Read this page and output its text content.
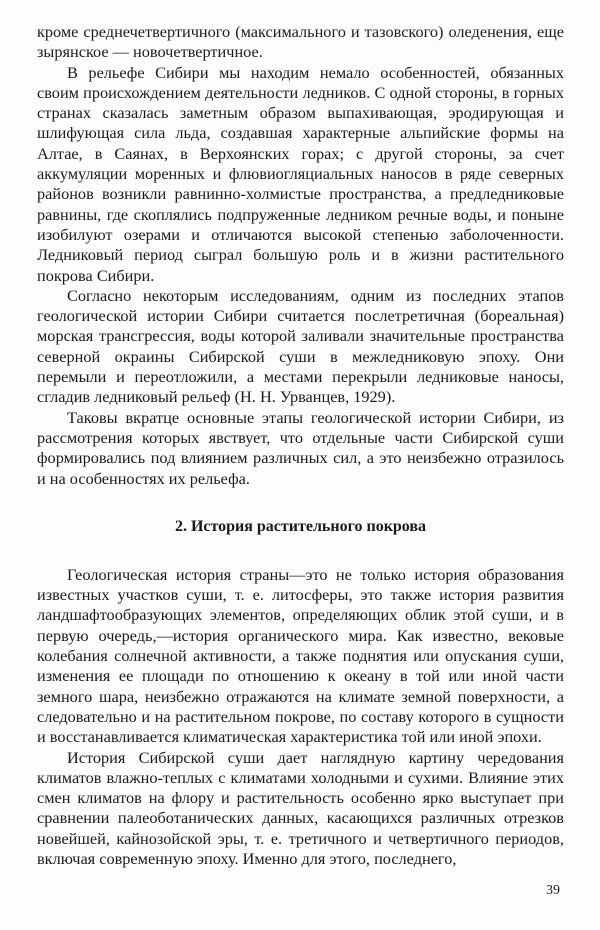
кроме среднечетвертичного (максимального и тазовского) оледенения, еще зырянское — новочетвертичное.

В рельефе Сибири мы находим немало особенностей, обязанных своим происхождением деятельности ледников. С одной стороны, в горных странах сказалась заметным образом выпахивающая, эродирующая и шлифующая сила льда, создавшая характерные альпийские формы на Алтае, в Саянах, в Верхоянских горах; с другой стороны, за счет аккумуляции моренных и флювиогляциальных наносов в ряде северных районов возникли равнинно-холмистые пространства, а предледниковые равнины, где скоплялись подпруженные ледником речные воды, и поныне изобилуют озерами и отличаются высокой степенью заболоченности. Ледниковый период сыграл большую роль и в жизни растительного покрова Сибири.

Согласно некоторым исследованиям, одним из последних этапов геологической истории Сибири считается послетретичная (бореальная) морская трансгрессия, воды которой заливали значительные пространства северной окраины Сибирской суши в межледниковую эпоху. Они перемыли и переотложили, а местами перекрыли ледниковые наносы, сгладив ледниковый рельеф (Н. Н. Урванцев, 1929).

Таковы вкратце основные этапы геологической истории Сибири, из рассмотрения которых явствует, что отдельные части Сибирской суши формировались под влиянием различных сил, а это неизбежно отразилось и на особенностях их рельефа.

2. История растительного покрова

Геологическая история страны—это не только история образования известных участков суши, т. е. литосферы, это также история развития ландшафтообразующих элементов, определяющих облик этой суши, и в первую очередь,—история органического мира. Как известно, вековые колебания солнечной активности, а также поднятия или опускания суши, изменения ее площади по отношению к океану в той или иной части земного шара, неизбежно отражаются на климате земной поверхности, а следовательно и на растительном покрове, по составу которого в сущности и восстанавливается климатическая характеристика той или иной эпохи.

История Сибирской суши дает наглядную картину чередования климатов влажно-теплых с климатами холодными и сухими. Влияние этих смен климатов на флору и растительность особенно ярко выступает при сравнении палеоботанических данных, касающихся различных отрезков новейшей, кайнозойской эры, т. е. третичного и четвертичного периодов, включая современную эпоху. Именно для этого, последнего,

39
